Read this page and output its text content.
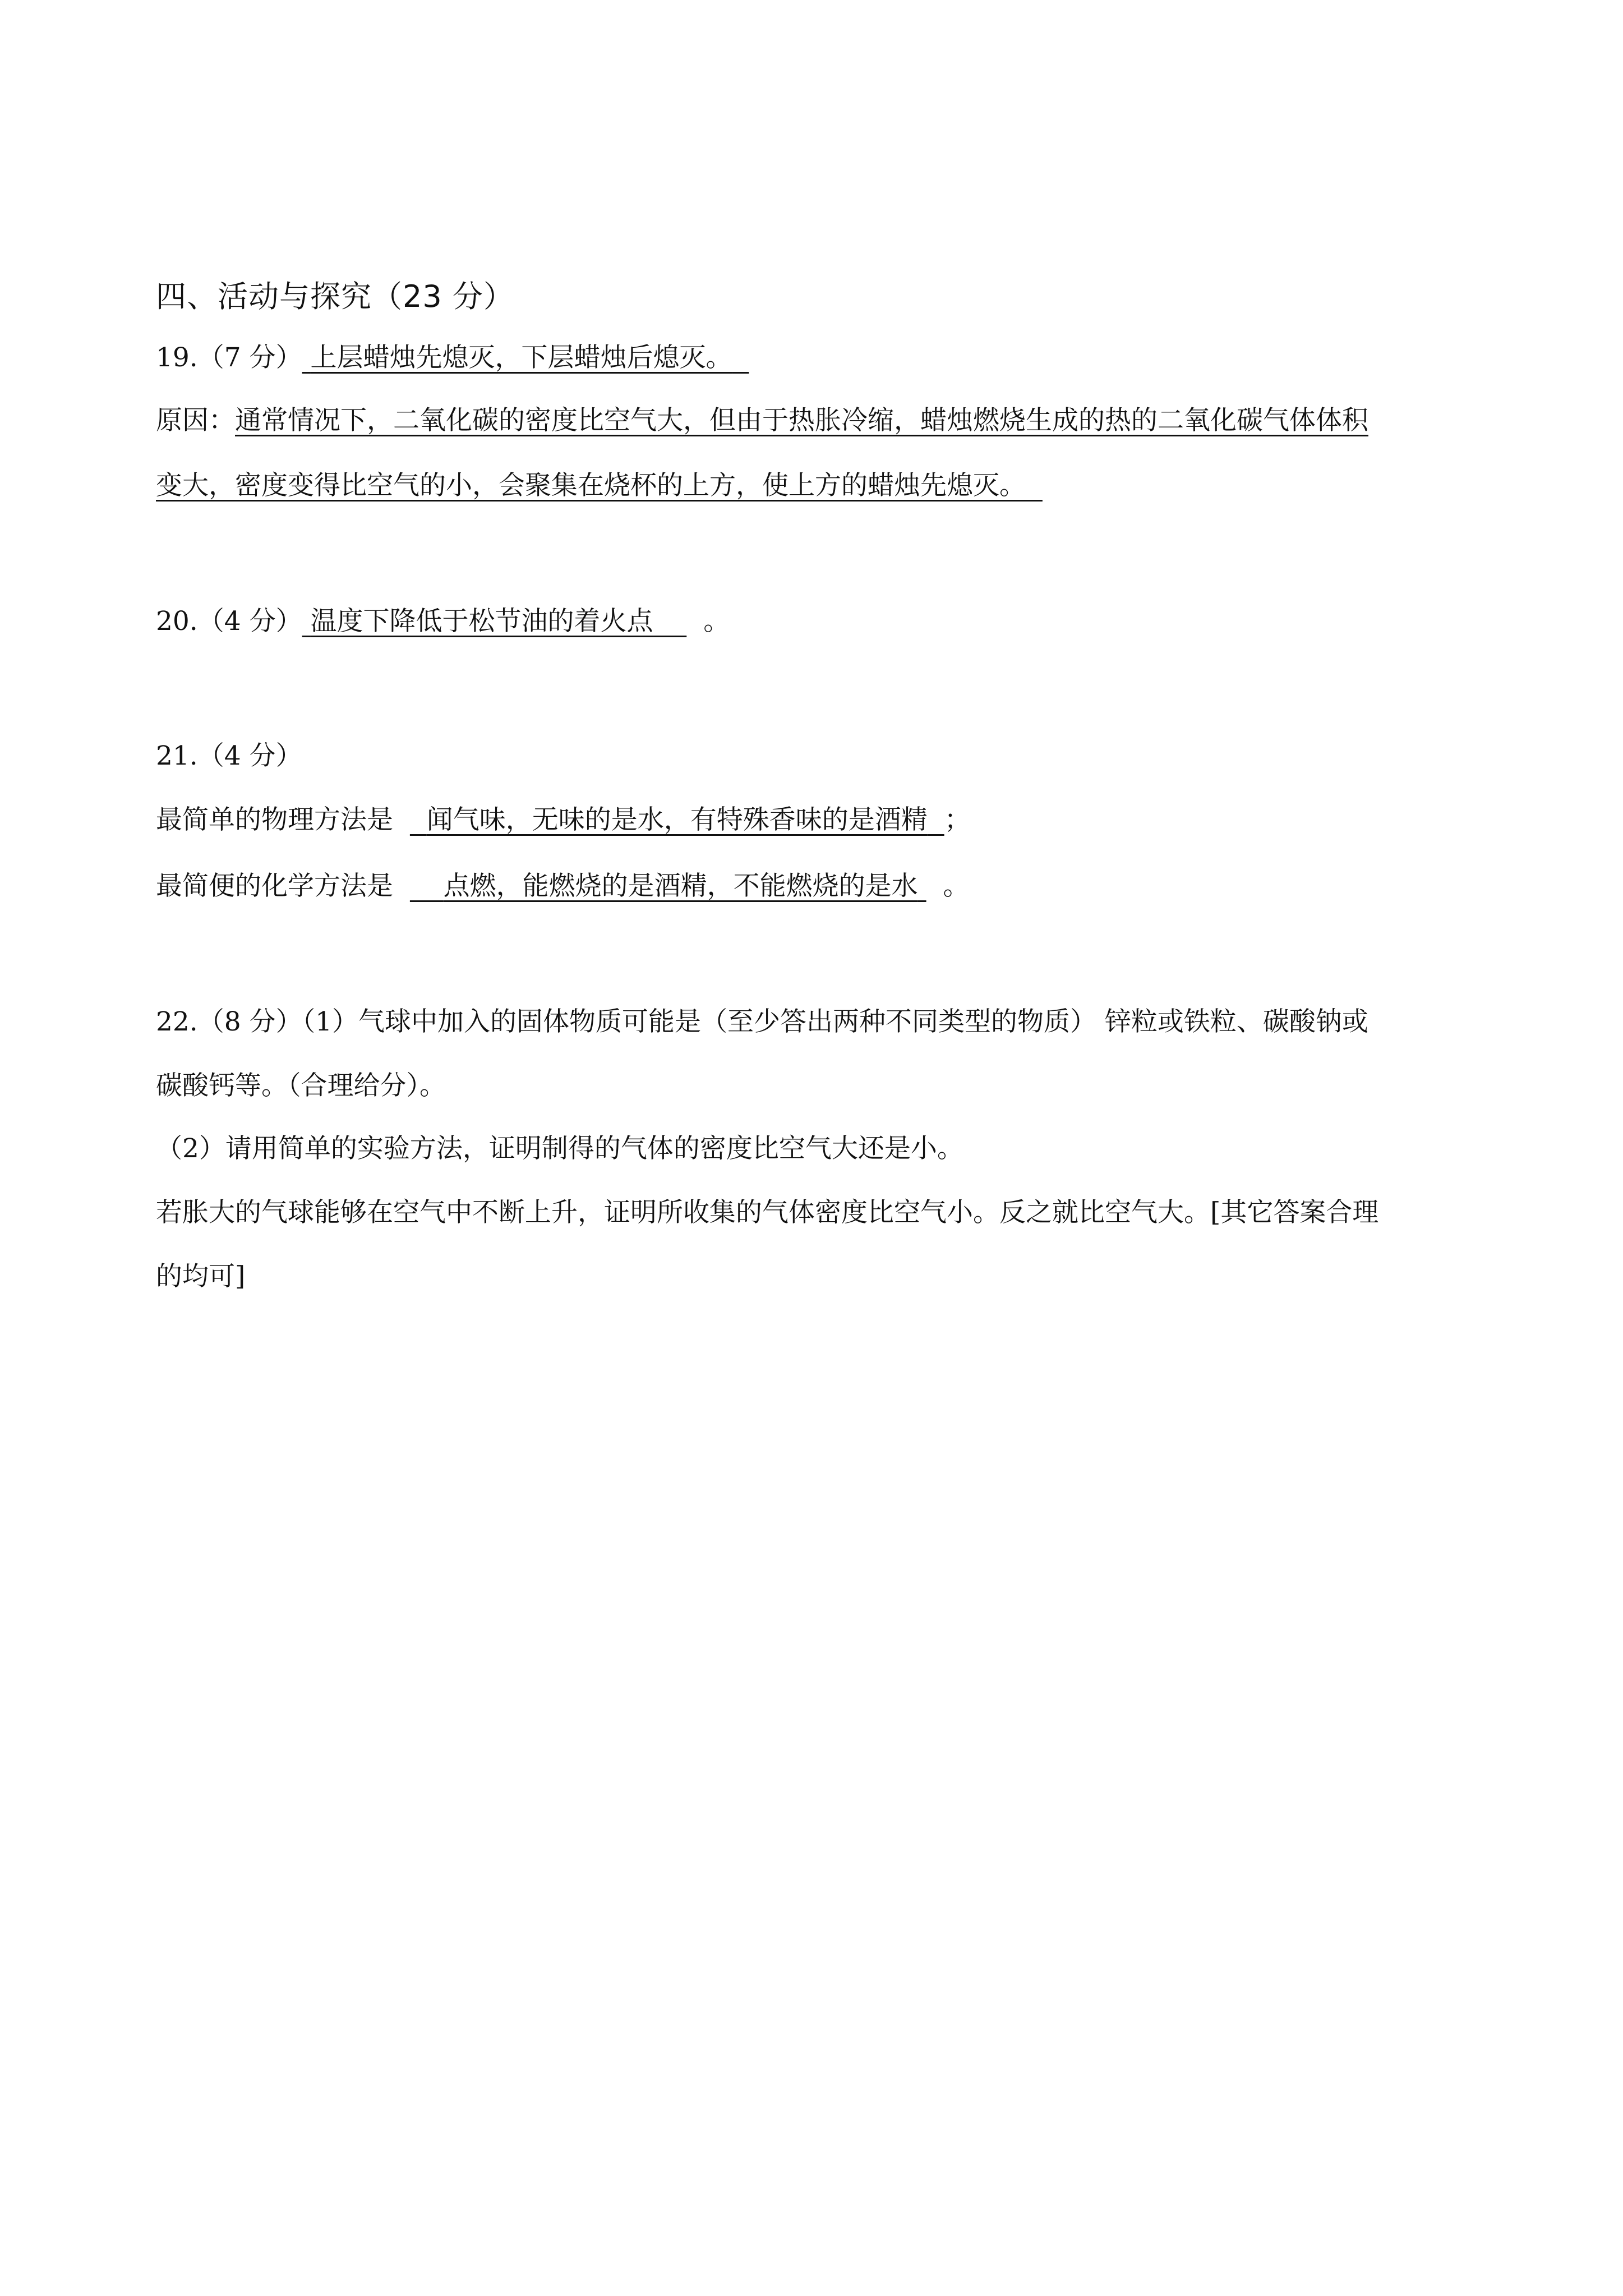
四、活动与探究（23 分）
19.（7 分） 上层蜡烛先熄灭，下层蜡烛后熄灭。
原因：通常情况下，二氧化碳的密度比空气大，但由于热胀冷缩，蜡烛燃烧生成的热的二氧化碳气体体积
变大，密度变得比空气的小，会聚集在烧杯的上方，使上方的蜡烛先熄灭。
20.（4 分） 温度下降低于松节油的着火点 。
21.（4 分）
最简单的物理方法是 闻气味，无味的是水，有特殊香味的是酒精 ；
最简便的化学方法是 点燃，能燃烧的是酒精，不能燃烧的是水 。
22.（8 分）（1）气球中加入的固体物质可能是（至少答出两种不同类型的物质） 锌粒或铁粒、碳酸钠或
碳酸钙等。（合理给分）。
（2）请用简单的实验方法，证明制得的气体的密度比空气大还是小。
若胀大的气球能够在空气中不断上升，证明所收集的气体密度比空气小。反之就比空气大。[其它答案合理
的均可]
